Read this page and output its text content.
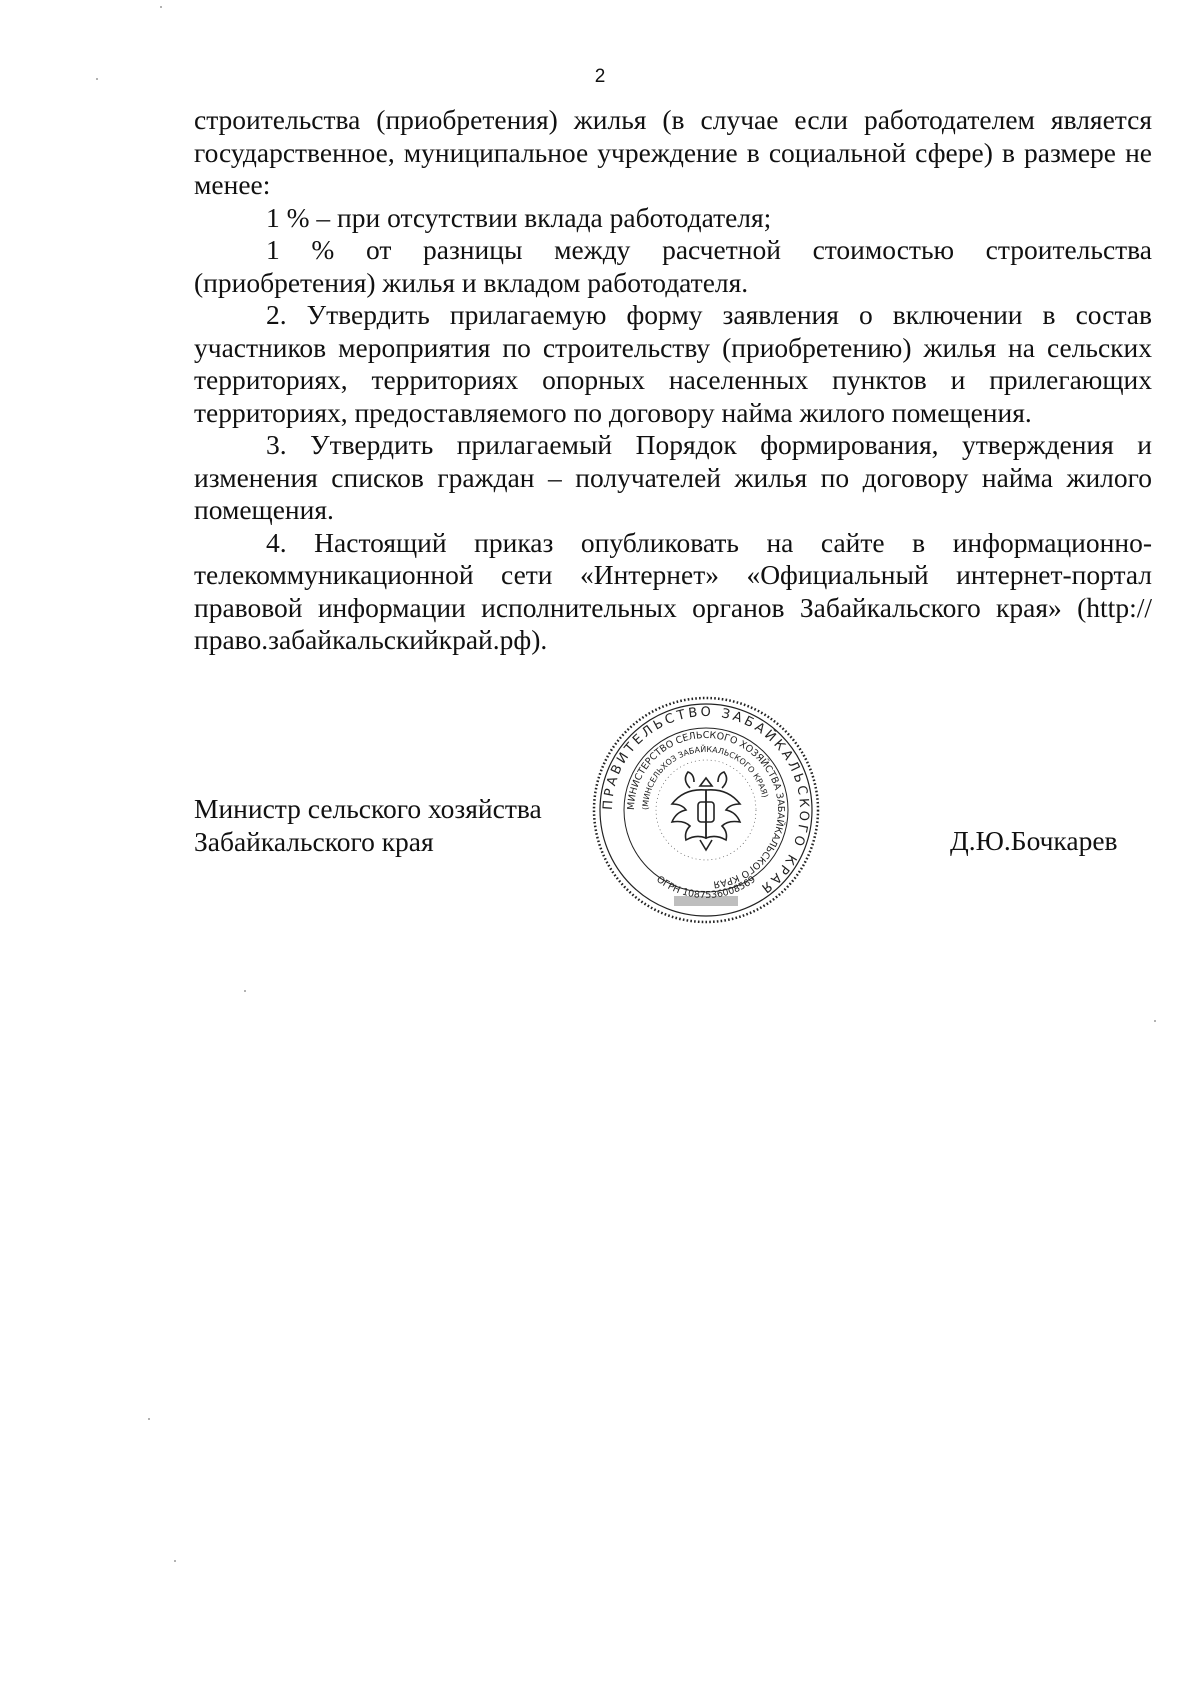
2

строительства (приобретения) жилья (в случае если работодателем является государственное, муниципальное учреждение в социальной сфере) в размере не менее:

1 % – при отсутствии вклада работодателя;

1 % от разницы между расчетной стоимостью строительства (приобретения) жилья и вкладом работодателя.

2. Утвердить прилагаемую форму заявления о включении в состав участников мероприятия по строительству (приобретению) жилья на сельских территориях, территориях опорных населенных пунктов и прилегающих территориях, предоставляемого по договору найма жилого помещения.

3. Утвердить прилагаемый Порядок формирования, утверждения и изменения списков граждан – получателей жилья по договору найма жилого помещения.

4. Настоящий приказ опубликовать на сайте в информационно-телекоммуникационной сети «Интернет» «Официальный интернет-портал правовой информации исполнительных органов Забайкальского края» (http://право.забайкальскийкрай.рф).

Министр сельского хозяйства
Забайкальского края	Д.Ю.Бочкарев
ПРАВИТЕЛЬСТВО ЗАБАЙКАЛЬСКОГО КРАЯ
МИНИСТЕРСТВО СЕЛЬСКОГО ХОЗЯЙСТВА ЗАБАЙКАЛЬСКОГО КРАЯ
(МИНСЕЛЬХОЗ ЗАБАЙКАЛЬСКОГО КРАЯ)
ОГРН 1087536008569
